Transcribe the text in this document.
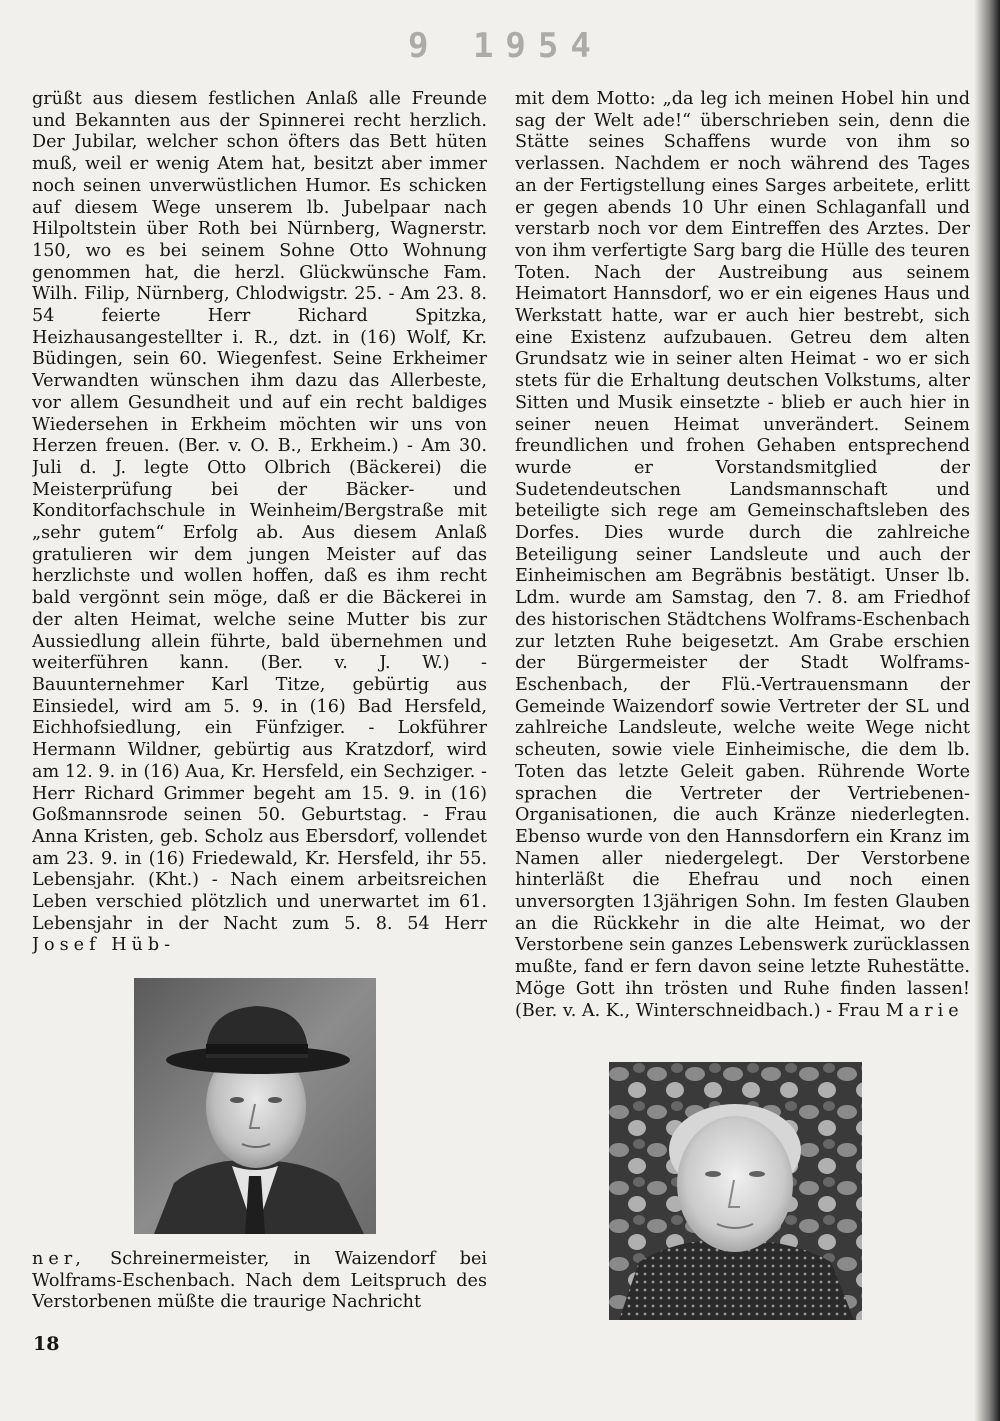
9 1954
grüßt aus diesem festlichen Anlaß alle Freunde und Bekannten aus der Spinnerei recht herzlich. Der Jubilar, welcher schon öfters das Bett hüten muß, weil er wenig Atem hat, besitzt aber immer noch seinen unverwüstlichen Humor. Es schicken auf diesem Wege unserem lb. Jubelpaar nach Hilpoltstein über Roth bei Nürnberg, Wagnerstr. 150, wo es bei seinem Sohne Otto Wohnung genommen hat, die herzl. Glückwünsche Fam. Wilh. Filip, Nürnberg, Chlodwigstr. 25. - Am 23. 8. 54 feierte Herr Richard Spitzka, Heizhausangestellter i. R., dzt. in (16) Wolf, Kr. Büdingen, sein 60. Wiegenfest. Seine Erkheimer Verwandten wünschen ihm dazu das Allerbeste, vor allem Gesundheit und auf ein recht baldiges Wiedersehen in Erkheim möchten wir uns von Herzen freuen. (Ber. v. O. B., Erkheim.) - Am 30. Juli d. J. legte Otto Olbrich (Bäckerei) die Meisterprüfung bei der Bäcker- und Konditorfachschule in Weinheim/Bergstraße mit „sehr gutem“ Erfolg ab. Aus diesem Anlaß gratulieren wir dem jungen Meister auf das herzlichste und wollen hoffen, daß es ihm recht bald vergönnt sein möge, daß er die Bäckerei in der alten Heimat, welche seine Mutter bis zur Aussiedlung allein führte, bald übernehmen und weiterführen kann. (Ber. v. J. W.) - Bauunternehmer Karl Titze, gebürtig aus Einsiedel, wird am 5. 9. in (16) Bad Hersfeld, Eichhofsiedlung, ein Fünfziger. - Lokführer Hermann Wildner, gebürtig aus Kratzdorf, wird am 12. 9. in (16) Aua, Kr. Hersfeld, ein Sechziger. - Herr Richard Grimmer begeht am 15. 9. in (16) Goßmannsrode seinen 50. Geburtstag. - Frau Anna Kristen, geb. Scholz aus Ebersdorf, vollendet am 23. 9. in (16) Friedewald, Kr. Hersfeld, ihr 55. Lebensjahr. (Kht.) - Nach einem arbeitsreichen Leben verschied plötzlich und unerwartet im 61. Lebensjahr in der Nacht zum 5. 8. 54 Herr Josef Hüb-
ner, Schreinermeister, in Waizendorf bei Wolframs-Eschenbach. Nach dem Leitspruch des Verstorbenen müßte die traurige Nachricht
mit dem Motto: „da leg ich meinen Hobel hin und sag der Welt ade!“ überschrieben sein, denn die Stätte seines Schaffens wurde von ihm so verlassen. Nachdem er noch während des Tages an der Fertigstellung eines Sarges arbeitete, erlitt er gegen abends 10 Uhr einen Schlaganfall und verstarb noch vor dem Eintreffen des Arztes. Der von ihm verfertigte Sarg barg die Hülle des teuren Toten. Nach der Austreibung aus seinem Heimatort Hannsdorf, wo er ein eigenes Haus und Werkstatt hatte, war er auch hier bestrebt, sich eine Existenz aufzubauen. Getreu dem alten Grundsatz wie in seiner alten Heimat - wo er sich stets für die Erhaltung deutschen Volkstums, alter Sitten und Musik einsetzte - blieb er auch hier in seiner neuen Heimat unverändert. Seinem freundlichen und frohen Gehaben entsprechend wurde er Vorstandsmitglied der Sudetendeutschen Landsmannschaft und beteiligte sich rege am Gemeinschaftsleben des Dorfes. Dies wurde durch die zahlreiche Beteiligung seiner Landsleute und auch der Einheimischen am Begräbnis bestätigt. Unser lb. Ldm. wurde am Samstag, den 7. 8. am Friedhof des historischen Städtchens Wolframs-Eschenbach zur letzten Ruhe beigesetzt. Am Grabe erschien der Bürgermeister der Stadt Wolframs-Eschenbach, der Flü.-Vertrauensmann der Gemeinde Waizendorf sowie Vertreter der SL und zahlreiche Landsleute, welche weite Wege nicht scheuten, sowie viele Einheimische, die dem lb. Toten das letzte Geleit gaben. Rührende Worte sprachen die Vertreter der Vertriebenen-Organisationen, die auch Kränze niederlegten. Ebenso wurde von den Hannsdorfern ein Kranz im Namen aller niedergelegt. Der Verstorbene hinterläßt die Ehefrau und noch einen unversorgten 13jährigen Sohn. Im festen Glauben an die Rückkehr in die alte Heimat, wo der Verstorbene sein ganzes Lebenswerk zurücklassen mußte, fand er fern davon seine letzte Ruhestätte. Möge Gott ihn trösten und Ruhe finden lassen! (Ber. v. A. K., Winterschneidbach.) - Frau Marie
18
